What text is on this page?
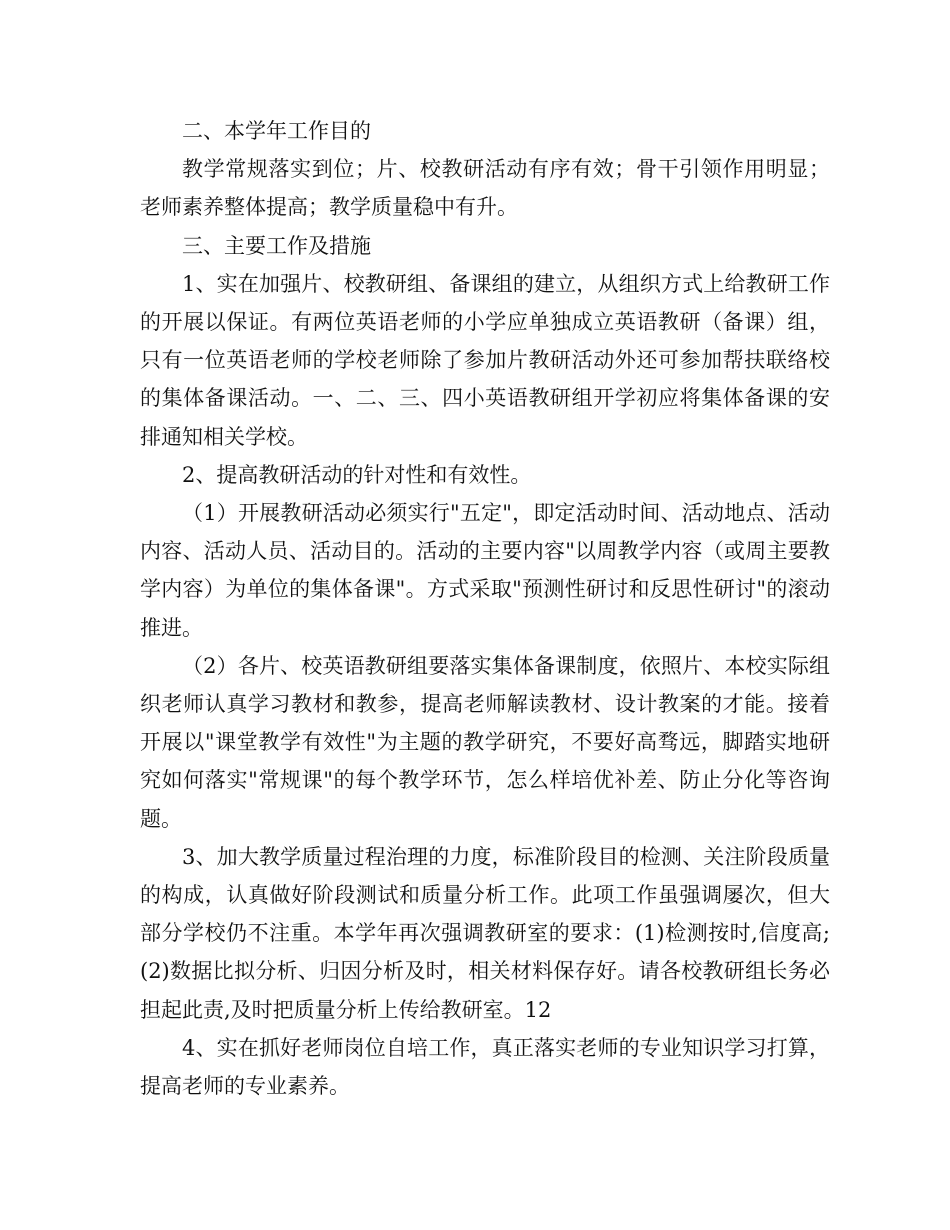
二、本学年工作目的

教学常规落实到位；片、校教研活动有序有效；骨干引领作用明显；老师素养整体提高；教学质量稳中有升。

三、主要工作及措施

1、实在加强片、校教研组、备课组的建立，从组织方式上给教研工作的开展以保证。有两位英语老师的小学应单独成立英语教研（备课）组，只有一位英语老师的学校老师除了参加片教研活动外还可参加帮扶联络校的集体备课活动。一、二、三、四小英语教研组开学初应将集体备课的安排通知相关学校。

2、提高教研活动的针对性和有效性。

（1）开展教研活动必须实行"五定"，即定活动时间、活动地点、活动内容、活动人员、活动目的。活动的主要内容"以周教学内容（或周主要教学内容）为单位的集体备课"。方式采取"预测性研讨和反思性研讨"的滚动推进。

（2）各片、校英语教研组要落实集体备课制度，依照片、本校实际组织老师认真学习教材和教参，提高老师解读教材、设计教案的才能。接着开展以"课堂教学有效性"为主题的教学研究，不要好高骛远，脚踏实地研究如何落实"常规课"的每个教学环节，怎么样培优补差、防止分化等咨询题。

3、加大教学质量过程治理的力度，标准阶段目的检测、关注阶段质量的构成，认真做好阶段测试和质量分析工作。此项工作虽强调屡次，但大部分学校仍不注重。本学年再次强调教研室的要求：(1)检测按时,信度高;(2)数据比拟分析、归因分析及时，相关材料保存好。请各校教研组长务必担起此责,及时把质量分析上传给教研室。12

4、实在抓好老师岗位自培工作，真正落实老师的专业知识学习打算，提高老师的专业素养。
